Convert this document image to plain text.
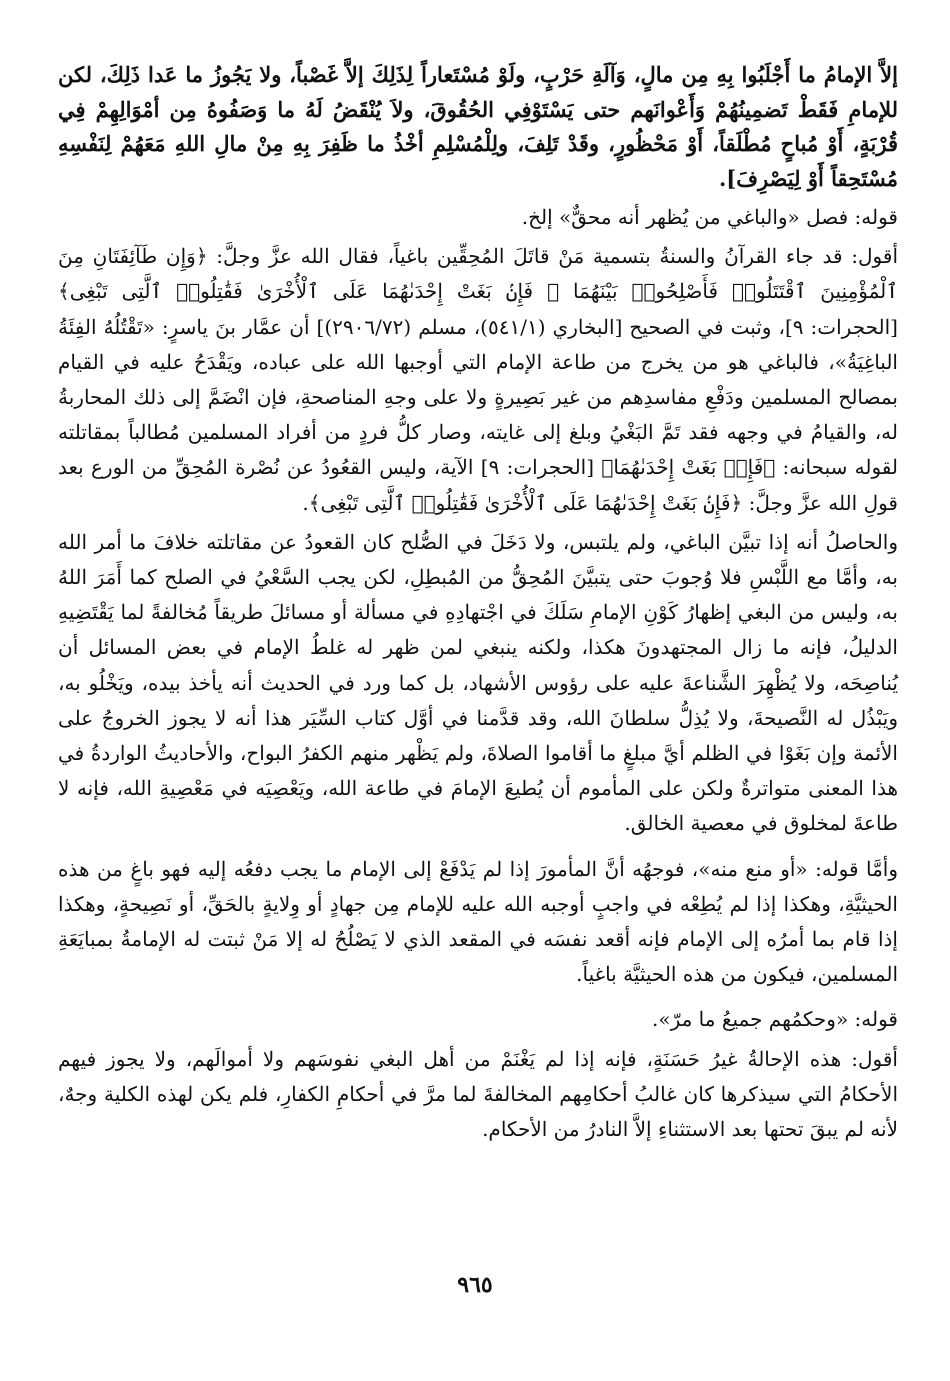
إلاَّ الإمامُ ما أَجْلَبُوا بِهِ مِن مالٍ، وَآلَةِ حَرْبٍ، ولَوْ مُسْتَعاراً لِذَلِكَ إلاَّ غَصْباً، ولا يَجُوزُ ما عَدا ذَلِكَ، لكن للإمامِ فَقَطْ تَضمِينُهُمْ وَأَعْوانَهم حتى يَسْتَوْفِي الحُقُوقَ، ولاَ يُنْقَضُ لَهُ ما وَصَفُوهُ مِن أمْوَالِهِمْ فِي قُرْبَةٍ، أَوْ مُباحٍ مُطْلَقاً، أَوْ مَحْظُورٍ، وقَدْ تَلِفَ، ولِلْمُسْلِمِ أخْذُ ما ظَفِرَ بِهِ مِنْ مالِ اللهِ مَعَهُمْ لِنَفْسِهِ مُسْتَحِقاً أَوْ لِيَصْرِفَ].

قوله: فصل «والباغي من يُظهر أنه محقٌّ» إلخ.

أقول: قد جاء القرآنُ والسنةُ بتسمية مَنْ قاتَلَ المُحِقِّين باغياً، فقال الله عزَّ وجلَّ: ﴿وَإِن طَآئِفَتَانِ مِنَ ٱلْمُؤْمِنِينَ ٱقْتَتَلُوا۟ فَأَصْلِحُوا۟ بَيْنَهُمَا ۖ فَإِنۢ بَغَتْ إِحْدَىٰهُمَا عَلَى ٱلْأُخْرَىٰ فَقَٰتِلُوا۟ ٱلَّتِى تَبْغِى﴾ [الحجرات: ٩]، وثبت في الصحيح [البخاري (٥٤١/١)، مسلم (٢٩٠٦/٧٢)] أن عمَّار بنَ ياسرٍ: «تَقْتُلُهُ الفِئَةُ الباغِيَةُ»، فالباغي هو من يخرج من طاعة الإمام التي أوجبها الله على عباده، ويَقْدَحُ عليه في القيام بمصالح المسلمين ودَفْعِ مفاسدِهم من غير بَصِيرةٍ ولا على وجهِ المناصحةِ، فإن انْضَمَّ إلى ذلك المحاربةُ له، والقيامُ في وجهه فقد تَمَّ البَغْيُ وبلغ إلى غايته، وصار كلُّ فردٍ من أفراد المسلمين مُطالباً بمقاتلته لقوله سبحانه: ﴿فَإِنۢ بَغَتْ إِحْدَىٰهُمَا﴾ [الحجرات: ٩] الآية، وليس القعُودُ عن نُصْرة المُحِقِّ من الورع بعد قولِ الله عزَّ وجلَّ: ﴿فَإِنۢ بَغَتْ إِحْدَىٰهُمَا عَلَى ٱلْأُخْرَىٰ فَقَٰتِلُوا۟ ٱلَّتِى تَبْغِى﴾.

والحاصلُ أنه إذا تبيَّن الباغي، ولم يلتبس، ولا دَخَلَ في الصُّلح كان القعودُ عن مقاتلته خلافَ ما أمر الله به، وأمَّا مع اللَّبْسِ فلا وُجوبَ حتى يتبيَّنَ المُحِقُّ من المُبطِلِ، لكن يجب السَّعْيُ في الصلح كما أَمَرَ اللهُ به، وليس من البغي إظهارُ كَوْنِ الإمامِ سَلَكَ في اجْتهادِهِ في مسألة أو مسائلَ طريقاً مُخالفةً لما يَقْتَضِيهِ الدليلُ، فإنه ما زال المجتهدونَ هكذا، ولكنه ينبغي لمن ظهر له غلطُ الإمام في بعض المسائل أن يُناصِحَه، ولا يُظْهِرَ الشَّناعةَ عليه على رؤوس الأشهاد، بل كما ورد في الحديث أنه يأخذ بيده، ويَخْلُو به، ويَبْذُل له النَّصيحةَ، ولا يُذِلُّ سلطانَ الله، وقد قدَّمنا في أوَّل كتاب السِّيَر هذا أنه لا يجوز الخروجُ على الأئمة وإن بَغَوْا في الظلم أيَّ مبلغٍ ما أقاموا الصلاةَ، ولم يَظْهر منهم الكفرُ البواح، والأحاديثُ الواردةُ في هذا المعنى متواترةٌ ولكن على المأموم أن يُطيعَ الإمامَ في طاعة الله، ويَعْصِيَه في مَعْصِيةِ الله، فإنه لا طاعةَ لمخلوق في معصية الخالق.

وأمَّا قوله: «أو منع منه»، فوجهُه أنَّ المأمورَ إذا لم يَدْفَعْ إلى الإمام ما يجب دفعُه إليه فهو باغٍ من هذه الحيثيَّةِ، وهكذا إذا لم يُطِعْه في واجبٍ أوجبه الله عليه للإمام مِن جهادٍ أو وِلايةٍ بالحَقِّ، أو نَصِيحةٍ، وهكذا إذا قام بما أمرُه إلى الإمام فإنه أقعد نفسَه في المقعد الذي لا يَصْلُحُ له إلا مَنْ ثبتت له الإمامةُ بمبايَعَةِ المسلمين، فيكون من هذه الحيثيَّة باغياً.

قوله: «وحكمُهم جميعُ ما مرّ».

أقول: هذه الإحالةُ غيرُ حَسَنَةٍ، فإنه إذا لم يَغْنَمْ من أهل البغي نفوسَهم ولا أموالَهم، ولا يجوز فيهم الأحكامُ التي سيذكرها كان غالبُ أحكامِهم المخالفةَ لما مرَّ في أحكامِ الكفارِ، فلم يكن لهذه الكلية وجهٌ، لأنه لم يبقَ تحتها بعد الاستثناءِ إلاَّ النادرُ من الأحكام.

٩٦٥
